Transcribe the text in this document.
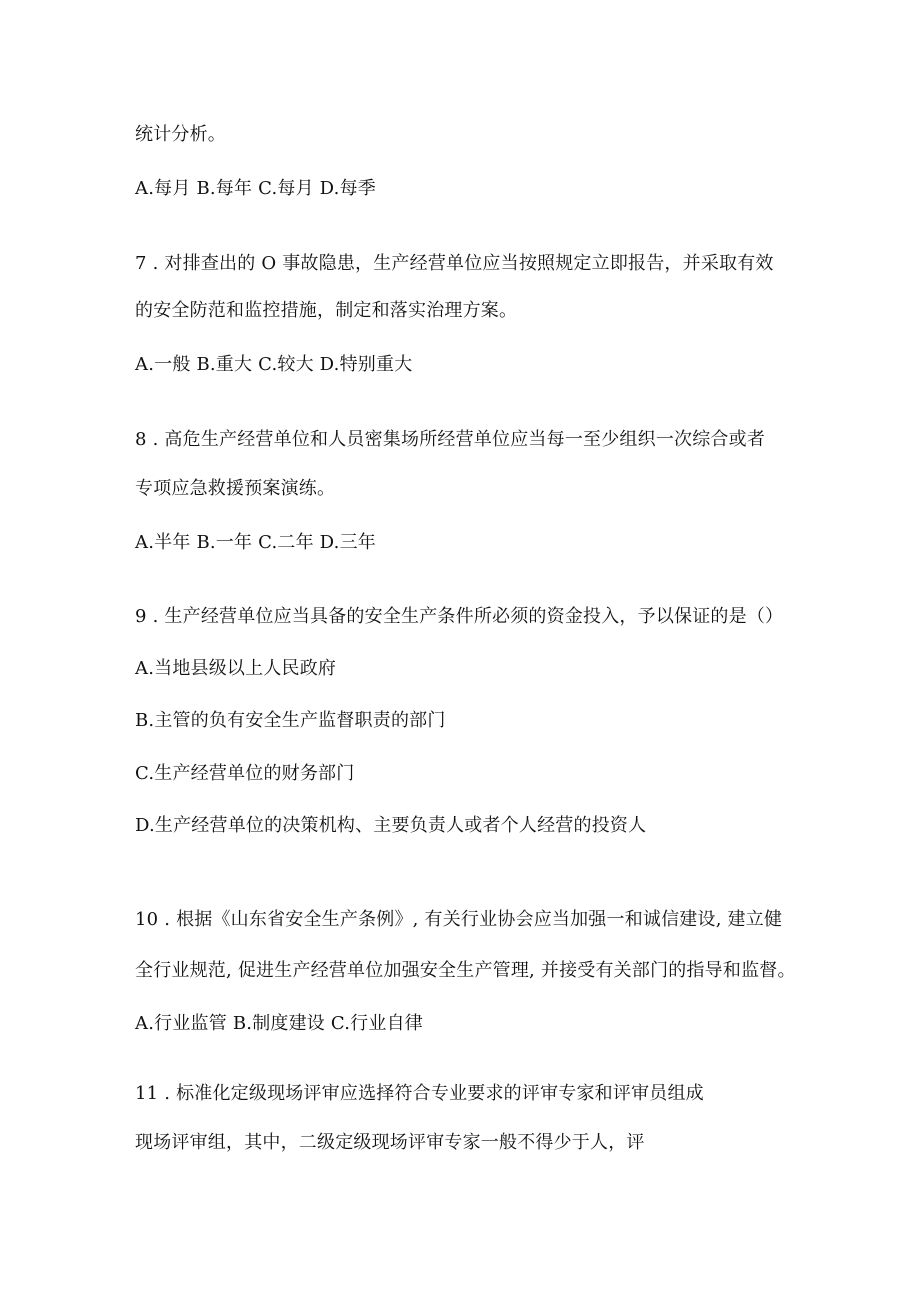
统计分析。
A.每月 B.每年 C.每月 D.每季
7 . 对排查出的 O 事故隐患，生产经营单位应当按照规定立即报告，并采取有效
的安全防范和监控措施，制定和落实治理方案。
A.一般 B.重大 C.较大 D.特别重大
8 . 高危生产经营单位和人员密集场所经营单位应当每一至少组织一次综合或者
专项应急救援预案演练。
A.半年 B.一年 C.二年 D.三年
9 . 生产经营单位应当具备的安全生产条件所必须的资金投入，予以保证的是（）
A.当地县级以上人民政府
B.主管的负有安全生产监督职责的部门
C.生产经营单位的财务部门
D.生产经营单位的决策机构、主要负责人或者个人经营的投资人
10 . 根据《山东省安全生产条例》, 有关行业协会应当加强一和诚信建设, 建立健
全行业规范, 促进生产经营单位加强安全生产管理, 并接受有关部门的指导和监督。
A.行业监管 B.制度建设 C.行业自律
11 . 标准化定级现场评审应选择符合专业要求的评审专家和评审员组成
现场评审组，其中，二级定级现场评审专家一般不得少于人，评
